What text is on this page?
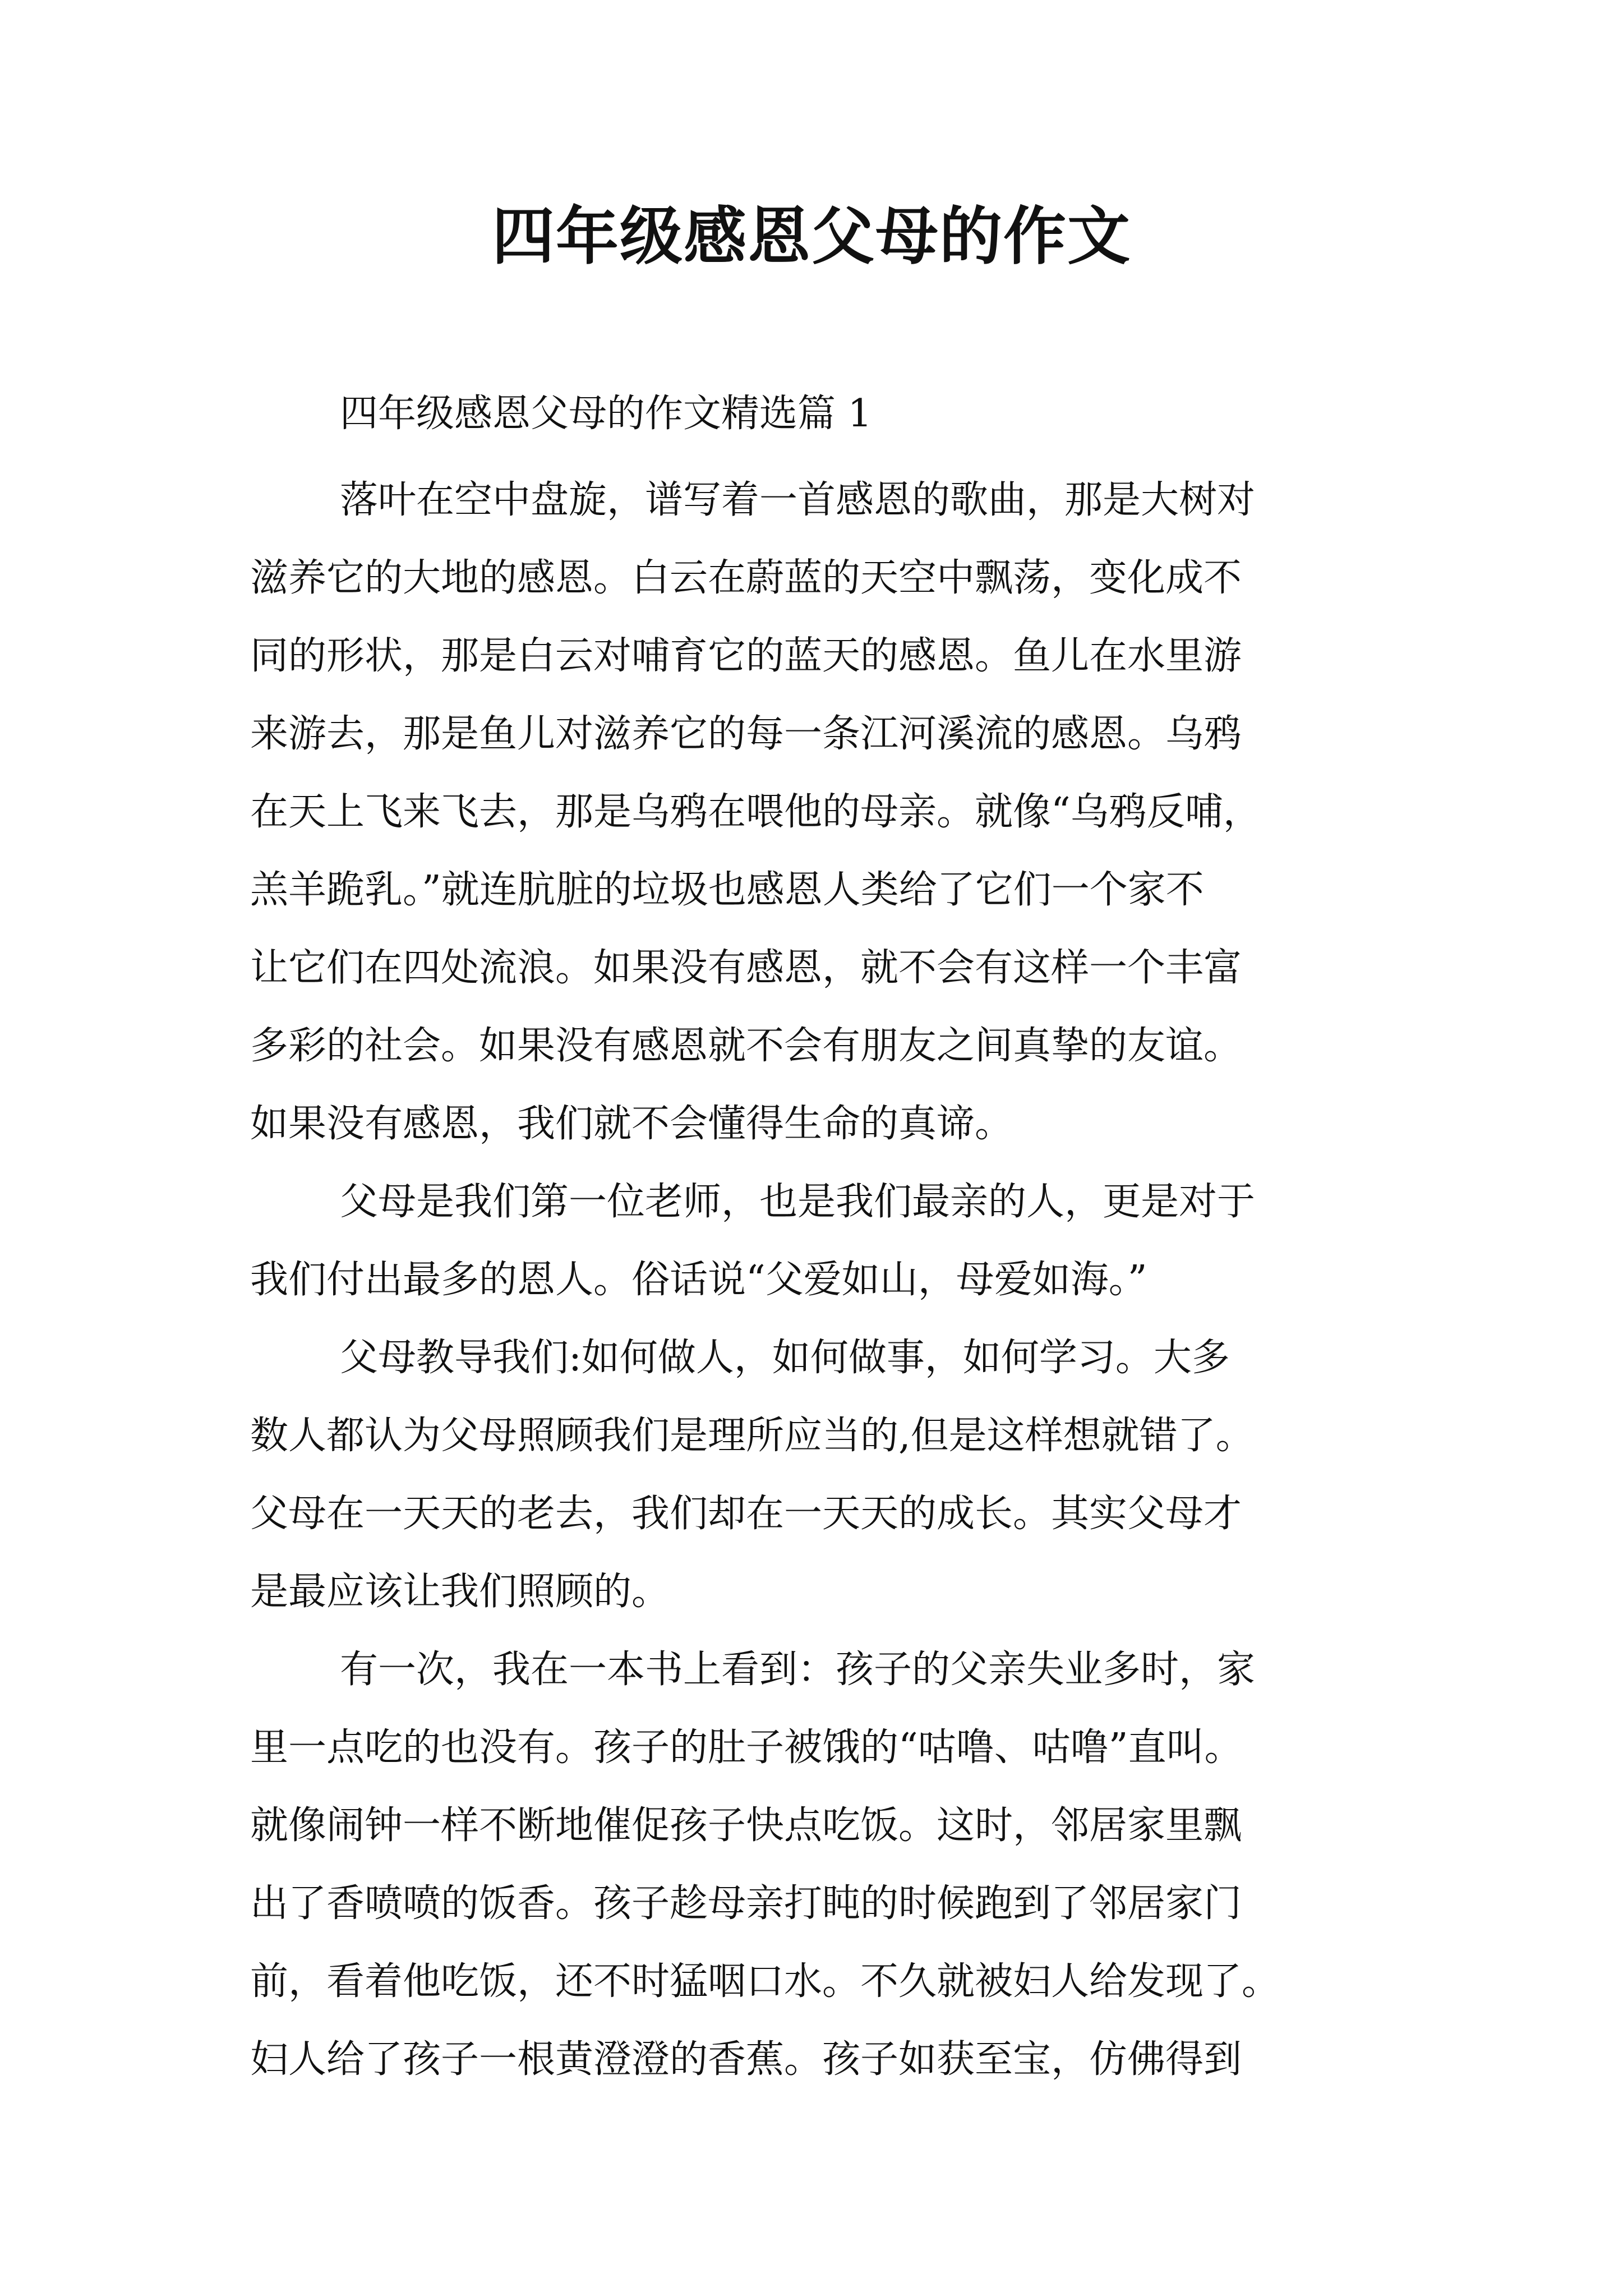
四年级感恩父母的作文

四年级感恩父母的作文精选篇 1

落叶在空中盘旋，谱写着一首感恩的歌曲，那是大树对
滋养它的大地的感恩。白云在蔚蓝的天空中飘荡，变化成不
同的形状，那是白云对哺育它的蓝天的感恩。鱼儿在水里游
来游去，那是鱼儿对滋养它的每一条江河溪流的感恩。乌鸦
在天上飞来飞去，那是乌鸦在喂他的母亲。就像“乌鸦反哺，
羔羊跪乳。”就连肮脏的垃圾也感恩人类给了它们一个家不
让它们在四处流浪。如果没有感恩，就不会有这样一个丰富
多彩的社会。如果没有感恩就不会有朋友之间真挚的友谊。
如果没有感恩，我们就不会懂得生命的真谛。
父母是我们第一位老师，也是我们最亲的人，更是对于
我们付出最多的恩人。俗话说“父爱如山，母爱如海。”
父母教导我们:如何做人，如何做事，如何学习。大多
数人都认为父母照顾我们是理所应当的,但是这样想就错了。
父母在一天天的老去，我们却在一天天的成长。其实父母才
是最应该让我们照顾的。
有一次，我在一本书上看到：孩子的父亲失业多时，家
里一点吃的也没有。孩子的肚子被饿的“咕噜、咕噜”直叫。
就像闹钟一样不断地催促孩子快点吃饭。这时，邻居家里飘
出了香喷喷的饭香。孩子趁母亲打盹的时候跑到了邻居家门
前，看着他吃饭，还不时猛咽口水。不久就被妇人给发现了。
妇人给了孩子一根黄澄澄的香蕉。孩子如获至宝，仿佛得到
